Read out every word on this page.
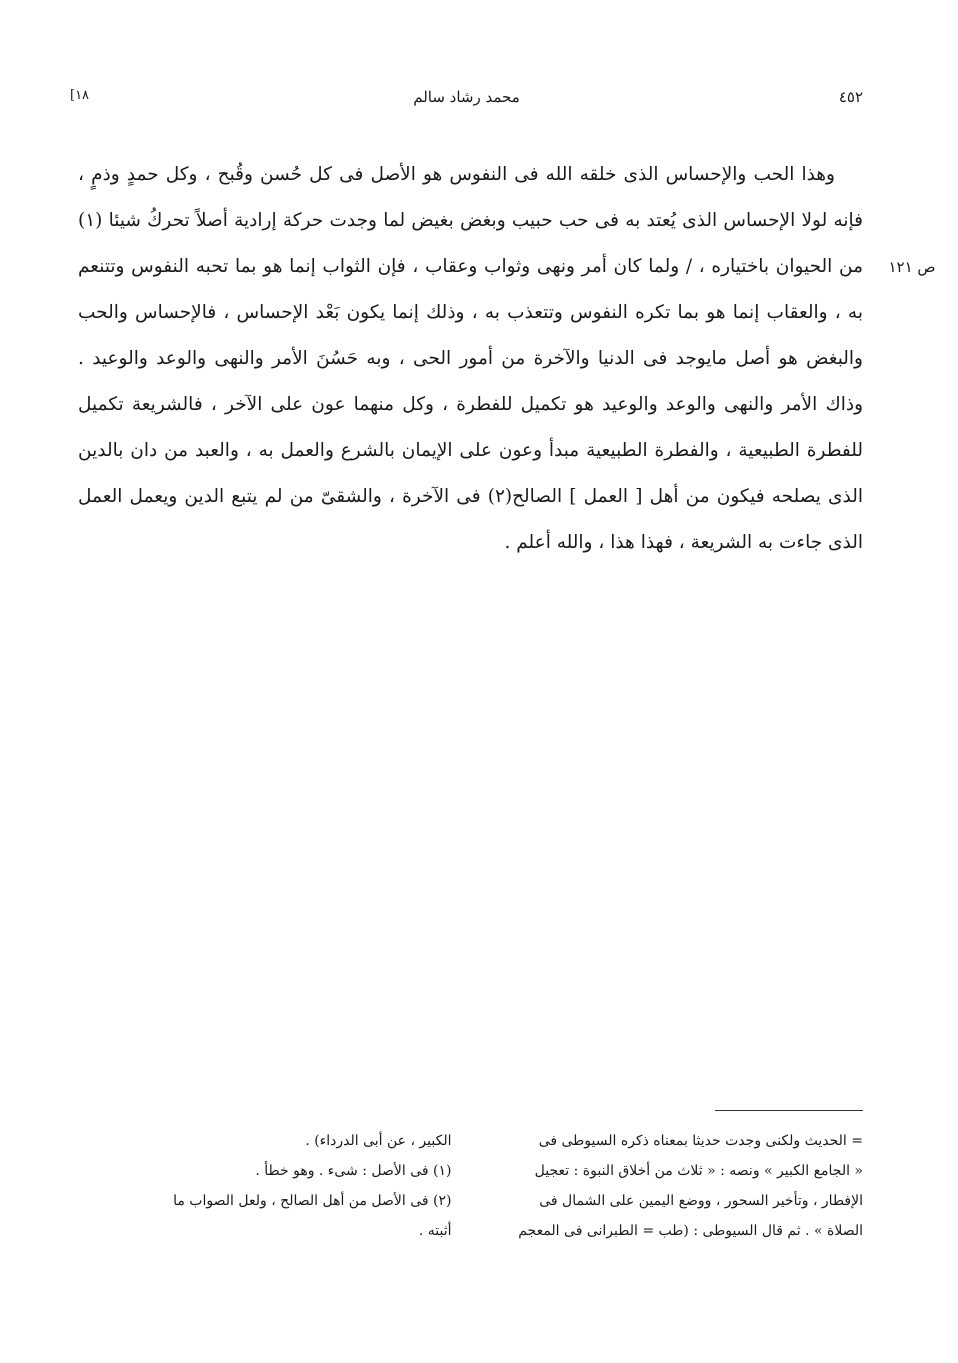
٤٥٢
محمد رشاد سالم
١٨]
ص ١٢١

وهذا الحب والإحساس الذى خلقه الله فى النفوس هو الأصل فى كل حُسن وقُبح ، وكل حمدٍ وذمٍ ، فإنه لولا الإحساس الذى يُعتد به فى حب حبيب وبغض بغيض لما وجدت حركة إرادية أصلاً تحركُ شيئا (١) من الحيوان باختياره ، / ولما كان أمر ونهى وثواب وعقاب ، فإن الثواب إنما هو بما تحبه النفوس وتتنعم به ، والعقاب إنما هو بما تكره النفوس وتتعذب به ، وذلك إنما يكون بَعْد الإحساس ، فالإحساس والحب والبغض هو أصل مايوجد فى الدنيا والآخرة من أمور الحى ، وبه حَسُنَ الأمر والنهى والوعد والوعيد . وذاك الأمر والنهى والوعد والوعيد هو تكميل للفطرة ، وكل منهما عون على الآخر ، فالشريعة تكميل للفطرة الطبيعية ، والفطرة الطبيعية مبدأ وعون على الإيمان بالشرع والعمل به ، والعبد من دان بالدين الذى يصلحه فيكون من أهل [ العمل ] الصالح(٢) فى الآخرة ، والشقىّ من لم يتبع الدين ويعمل العمل الذى جاءت به الشريعة ، فهذا هذا ، والله أعلم .

= الحديث ولكنى وجدت حديثا بمعناه ذكره السيوطى فى

« الجامع الكبير » ونصه : « ثلاث من أخلاق النبوة : تعجيل

الإفطار ، وتأخير السحور ، ووضع اليمين على الشمال فى

الصلاة » . ثم قال السيوطى : (طب = الطبرانى فى المعجم

الكبير ، عن أبى الدرداء) .

(١) فى الأصل : شىء . وهو خطأ .

(٢) فى الأصل من أهل الصالح ، ولعل الصواب ما

أثبته .
